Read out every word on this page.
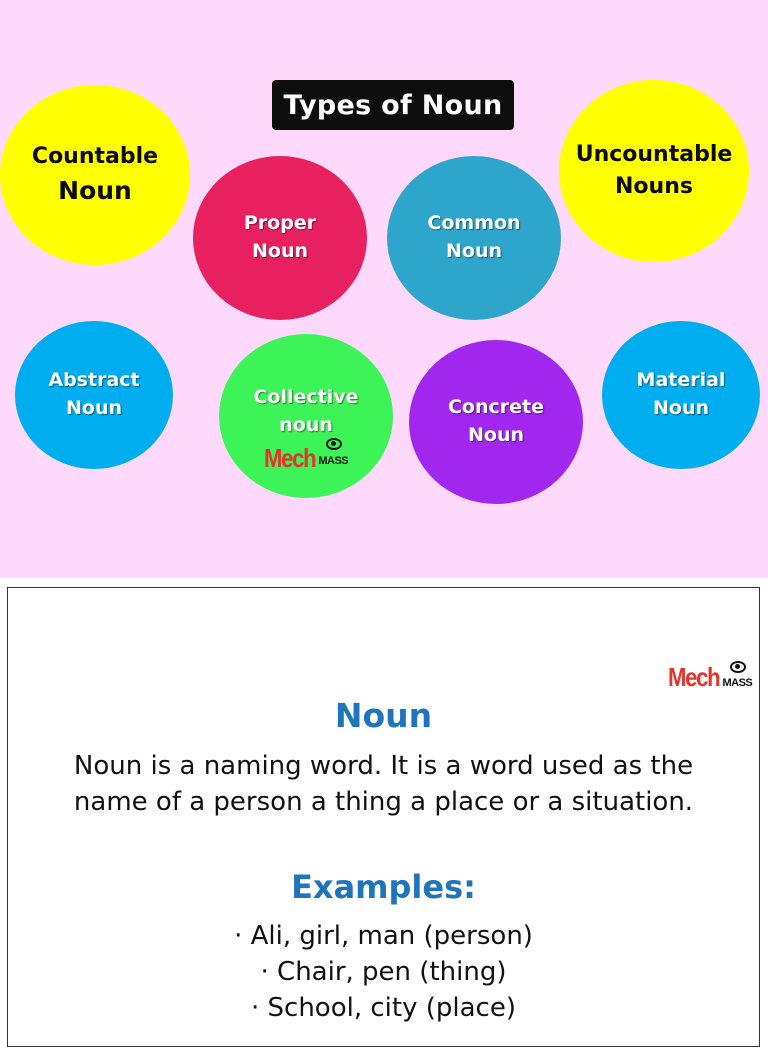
Types of Noun
Countable
Noun
Uncountable
Nouns
Proper
Noun
Common
Noun
Abstract
Noun	Collective
noun
Mech MASS
Concrete
Noun
Material
Noun
Mech MASS
Noun
Noun is a naming word. It is a word used as the name of a person a thing a place or a situation.
Examples:
· Ali, girl, man (person)
· Chair, pen (thing)
· School, city (place)
